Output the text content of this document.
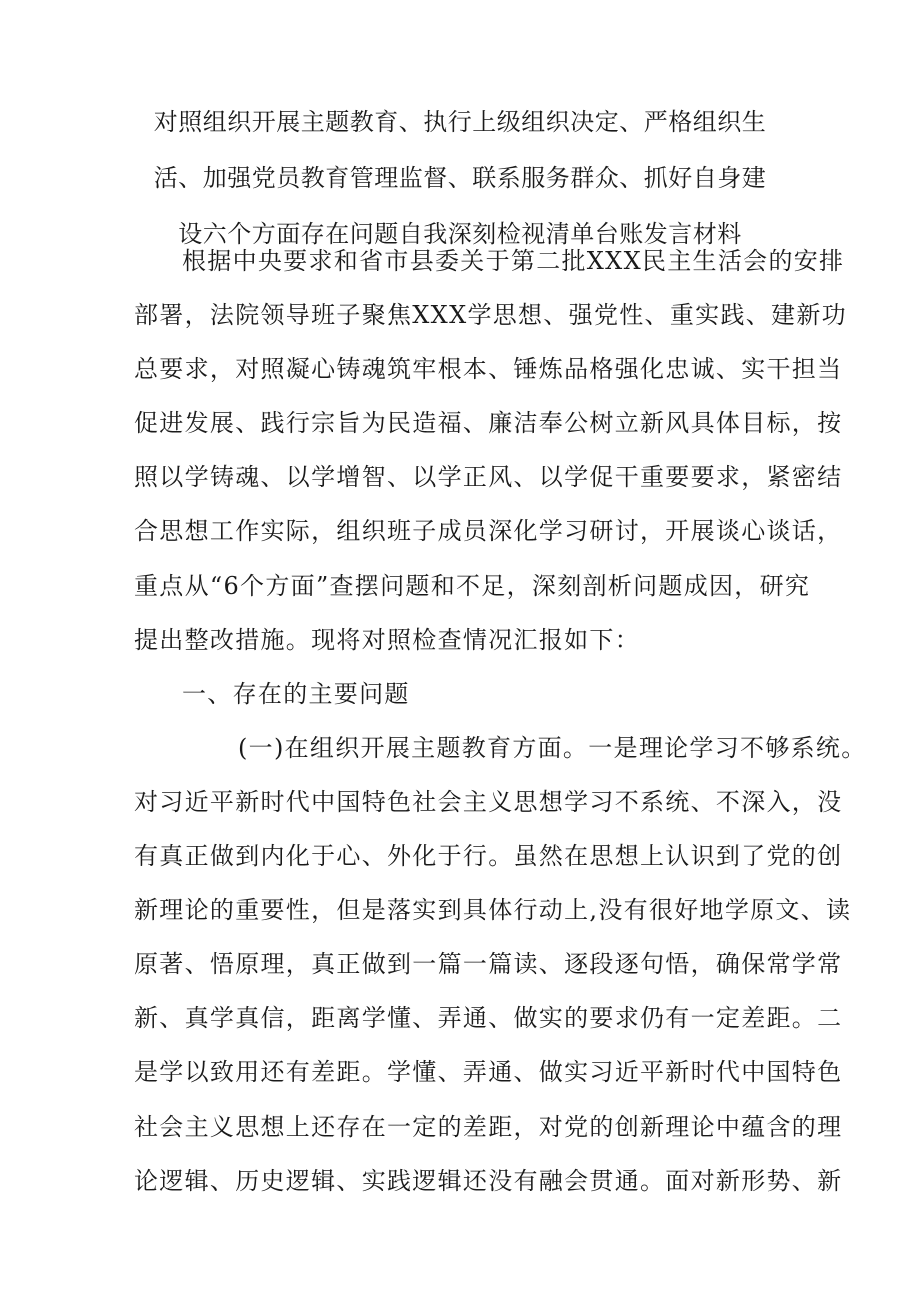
对照组织开展主题教育、执行上级组织决定、严格组织生
活、加强党员教育管理监督、联系服务群众、抓好自身建
设六个方面存在问题自我深刻检视清单台账发言材料
根据中央要求和省市县委关于第二批XXX民主生活会的安排
部署，法院领导班子聚焦XXX学思想、强党性、重实践、建新功
总要求，对照凝心铸魂筑牢根本、锤炼品格强化忠诚、实干担当
促进发展、践行宗旨为民造福、廉洁奉公树立新风具体目标，按
照以学铸魂、以学增智、以学正风、以学促干重要要求，紧密结
合思想工作实际，组织班子成员深化学习研讨，开展谈心谈话，
重点从“6个方面”查摆问题和不足，深刻剖析问题成因，研究
提出整改措施。现将对照检查情况汇报如下：
一、存在的主要问题
(一)在组织开展主题教育方面。一是理论学习不够系统。
对习近平新时代中国特色社会主义思想学习不系统、不深入，没
有真正做到内化于心、外化于行。虽然在思想上认识到了党的创
新理论的重要性，但是落实到具体行动上,没有很好地学原文、读
原著、悟原理，真正做到一篇一篇读、逐段逐句悟，确保常学常
新、真学真信，距离学懂、弄通、做实的要求仍有一定差距。二
是学以致用还有差距。学懂、弄通、做实习近平新时代中国特色
社会主义思想上还存在一定的差距，对党的创新理论中蕴含的理
论逻辑、历史逻辑、实践逻辑还没有融会贯通。面对新形势、新
